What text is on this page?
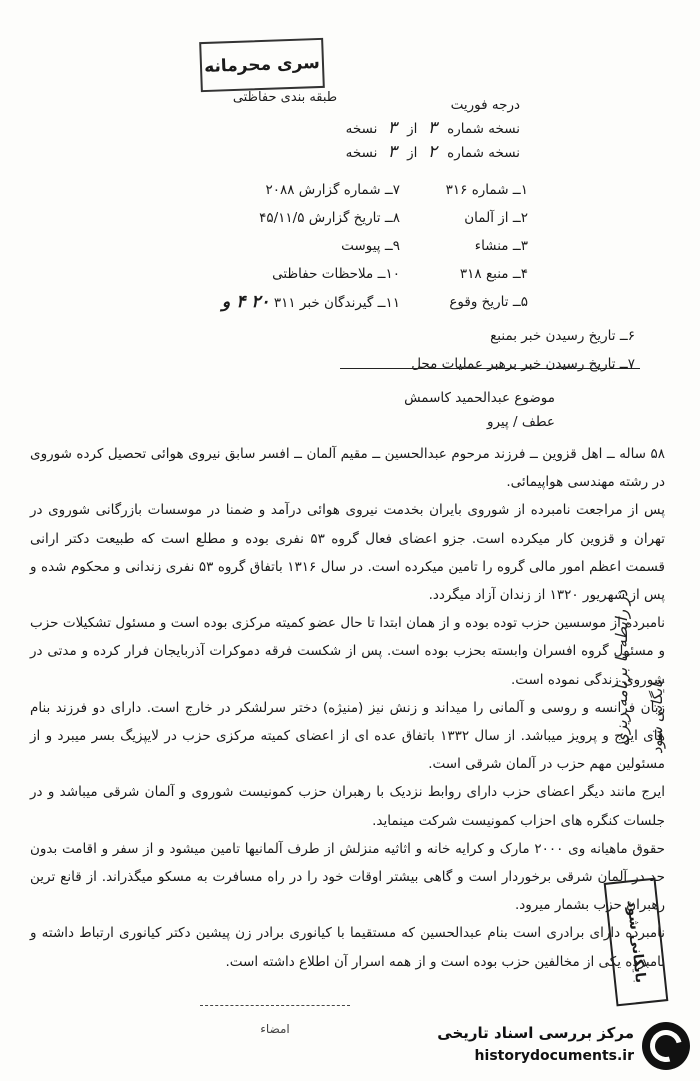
سری محرمانه
طبقه بندی حفاظتی	درجه فوریت
نسخه شماره ۳ از ۳ نسخه
نسخه شماره ۲ از ۳ نسخه
۷ــ شماره گزارش ۲۰۸۸
۸ــ تاریخ گزارش ۴۵/۱۱/۵
۹ــ پیوست
۱۰ــ ملاحظات حفاظتی
۱۱ــ گیرندگان خبر ۳۱۱ ۲۰ ۴ و
۱ــ شماره ۳۱۶
۲ــ از آلمان
۳ــ منشاء
۴ــ منبع ۳۱۸
۵ــ تاریخ وقوع
۶ــ تاریخ رسیدن خبر بمنبع
۷ــ تاریخ رسیدن خبر برهبر عملیات محل
موضوع عبدالحمید کاسمش
عطف / پیرو

۵۸ ساله ــ اهل قزوین ــ فرزند مرحوم عبدالحسین ــ مقیم آلمان ــ افسر سابق نیروی هوائی تحصیل کرده شوروی در رشته مهندسی هواپیمائی.

پس از مراجعت نامبرده از شوروی بایران بخدمت نیروی هوائی درآمد و ضمنا در موسسات بازرگانی شوروی در تهران و قزوین کار میکرده است. جزو اعضای فعال گروه ۵۳ نفری بوده و مطلع است که طبیعت دکتر ارانی قسمت اعظم امور مالی گروه را تامین میکرده است. در سال ۱۳۱۶ باتفاق گروه ۵۳ نفری زندانی و محکوم شده و پس از شهریور ۱۳۲۰ از زندان آزاد میگردد.

نامبرده از موسسین حزب توده بوده و از همان ابتدا تا حال عضو کمیته مرکزی بوده است و مسئول تشکیلات حزب و مسئول گروه افسران وابسته بحزب بوده است. پس از شکست فرقه دموکرات آذربایجان فرار کرده و مدتی در شوروی زندگی نموده است.

زبان فرانسه و روسی و آلمانی را میداند و زنش نیز (منیژه) دختر سرلشکر در خارج است. دارای دو فرزند بنام های ایرج و پرویز میباشد. از سال ۱۳۳۲ باتفاق عده ای از اعضای کمیته مرکزی حزب در لایپزیگ بسر میبرد و از مسئولین مهم حزب در آلمان شرقی است.

ایرج مانند دیگر اعضای حزب دارای روابط نزدیک با رهبران حزب کمونیست شوروی و آلمان شرقی میباشد و در جلسات کنگره های احزاب کمونیست شرکت مینماید.

حقوق ماهیانه وی ۲۰۰۰ مارک و کرایه خانه و اثاثیه منزلش از طرف آلمانیها تامین میشود و از سفر و اقامت بدون حد در آلمان شرقی برخوردار است و گاهی بیشتر اوقات خود را در راه مسافرت به مسکو میگذراند. از قانع ترین رهبران حزب بشمار میرود.

نامبرده دارای برادری است بنام عبدالحسین که مستقیما با کیانوری برادر زن پیشین دکتر کیانوری ارتباط داشته و نامبرده یکی از مخالفین حزب بوده است و از همه اسرار آن اطلاع داشته است.

در رابطه با برنامه ریزی	بایگانی شود
بایگانی شود
امضاء	مرکز بررسی اسناد تاریخی
historydocuments.ir
